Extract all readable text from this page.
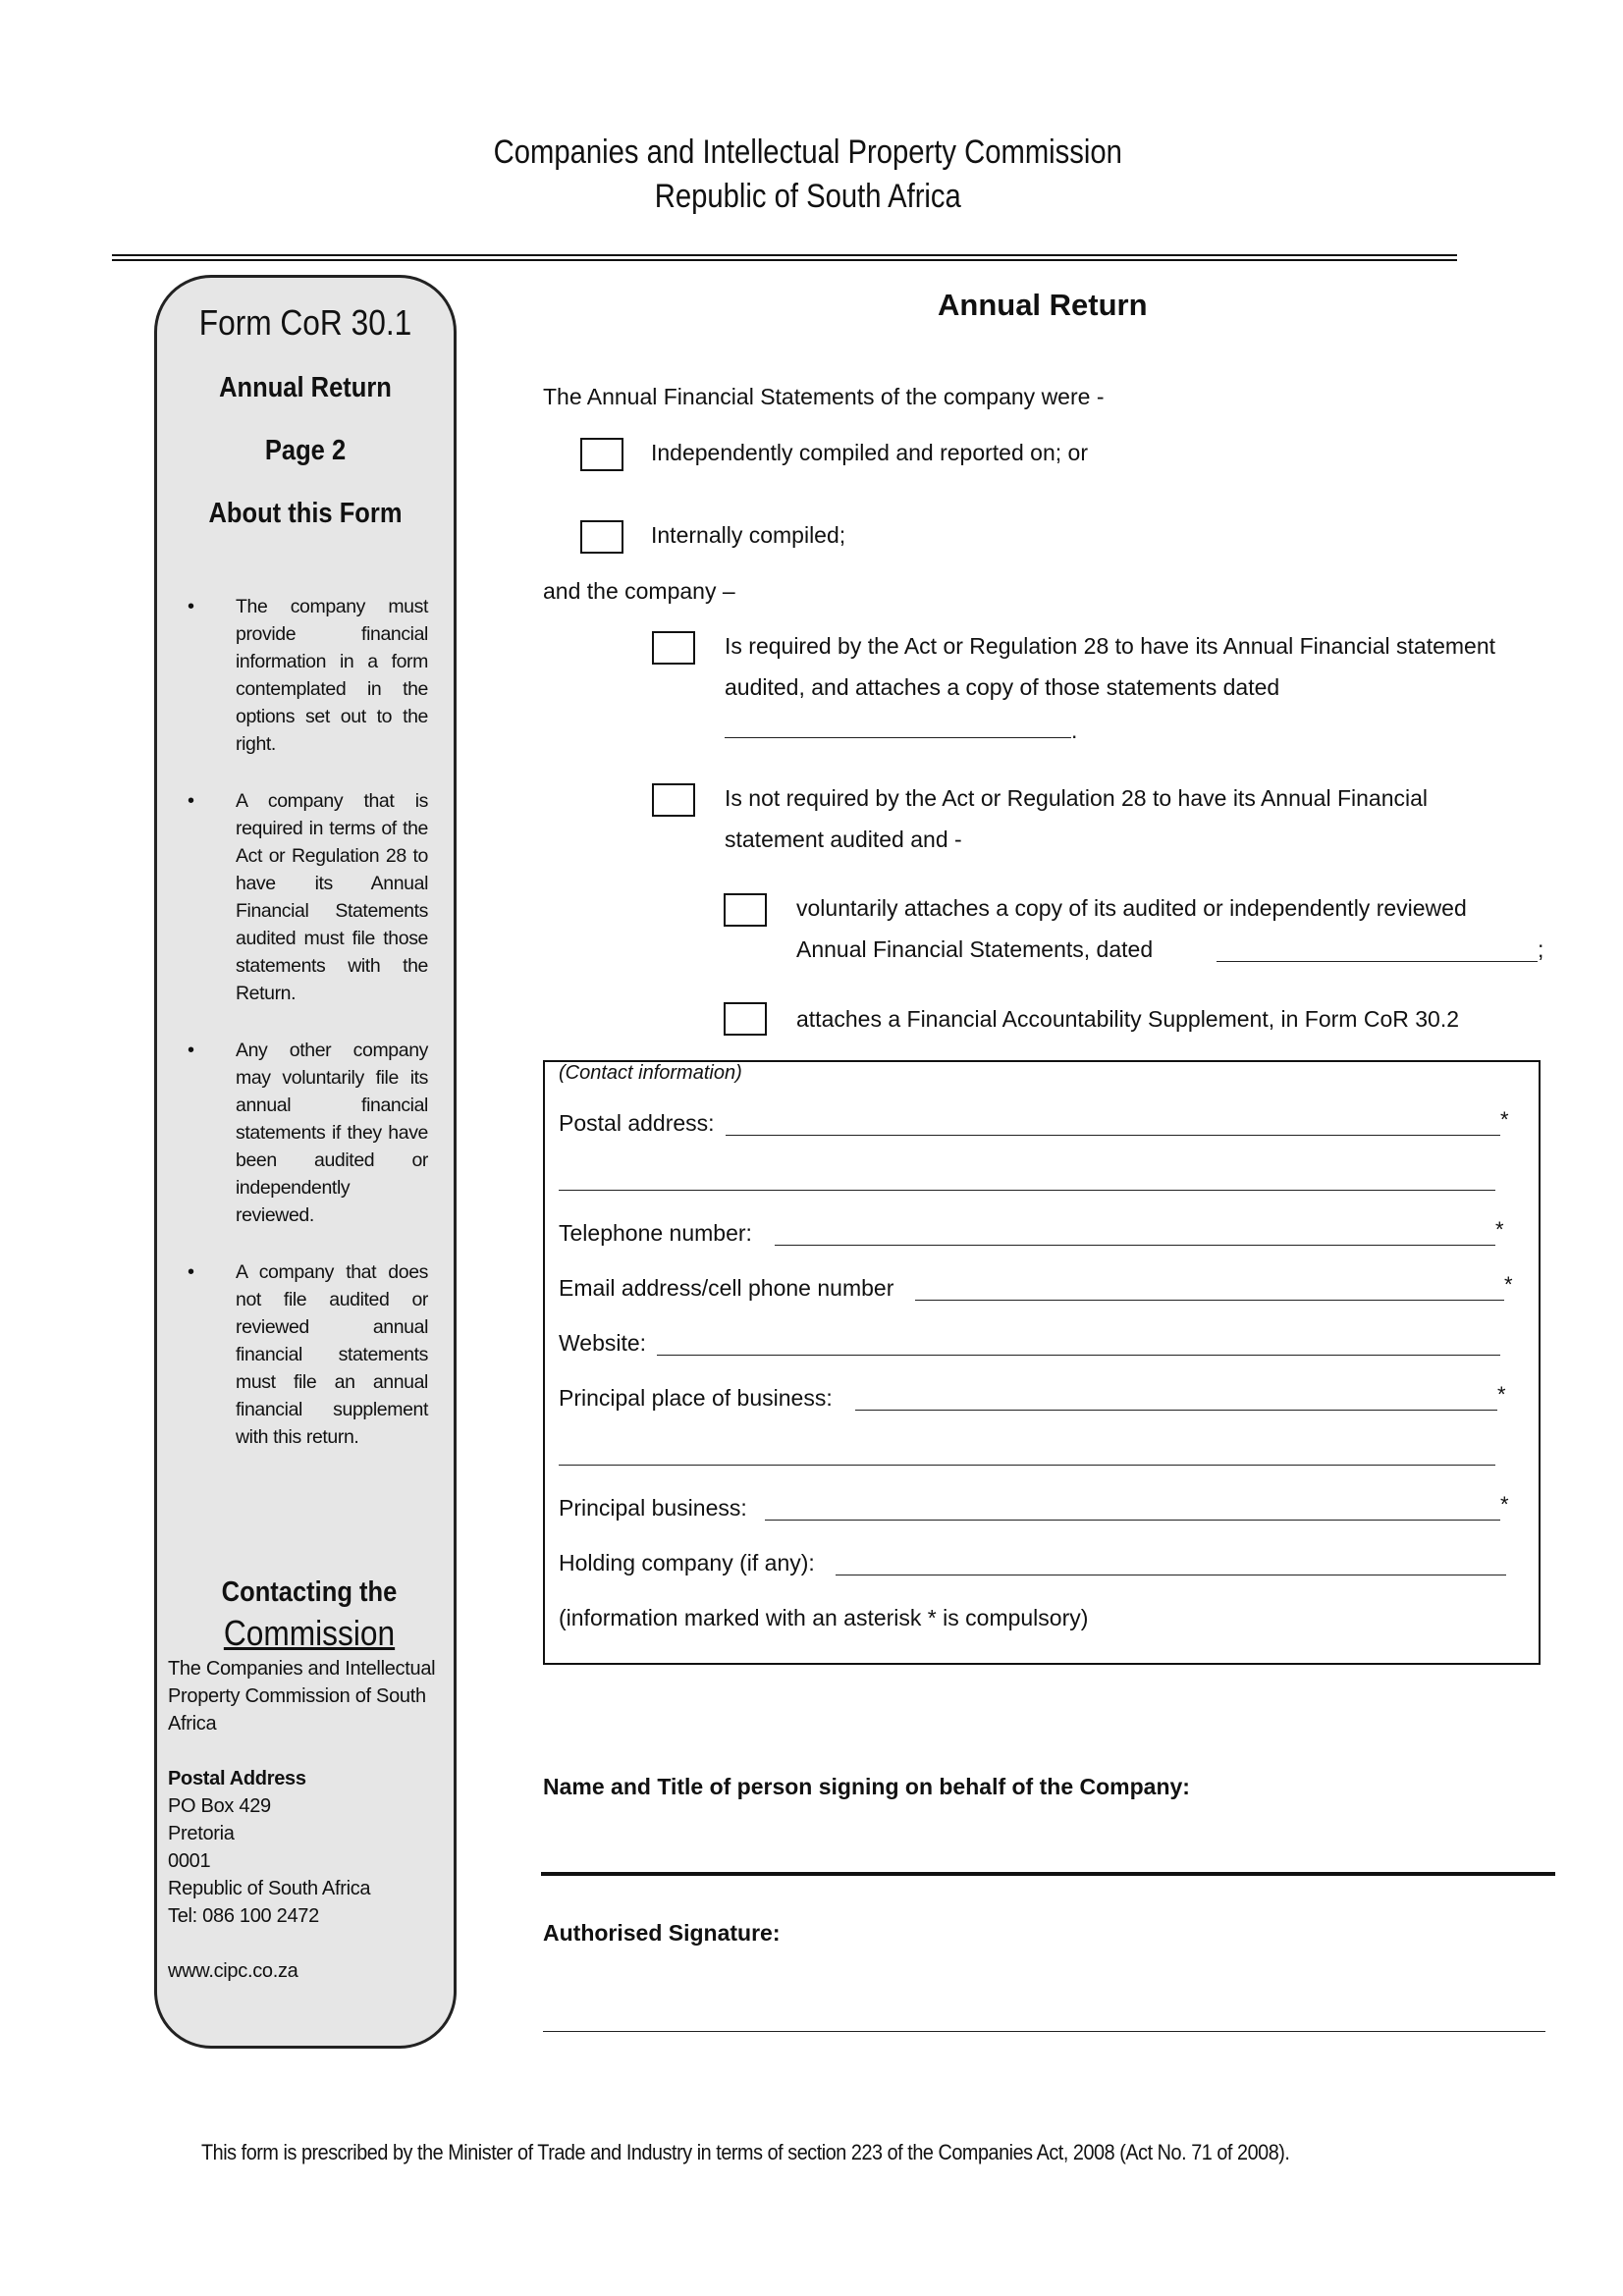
Companies and Intellectual Property Commission
Republic of South Africa
Form CoR 30.1
Annual Return
Page 2
About this Form
• The company must provide financial information in a form contemplated in the options set out to the right.
• A company that is required in terms of the Act or Regulation 28 to have its Annual Financial Statements audited must file those statements with the Return.
• Any other company may voluntarily file its annual financial statements if they have been audited or independently reviewed.
• A company that does not file audited or reviewed annual financial statements must file an annual financial supplement with this return.
Contacting the
Commission
The Companies and Intellectual Property Commission of South Africa
Postal Address
PO Box 429
Pretoria
0001
Republic of South Africa
Tel: 086 100 2472
www.cipc.co.za
Annual Return
The Annual Financial Statements of the company were -
Independently compiled and reported on; or
Internally compiled;
and the company –
Is required by the Act or Regulation 28 to have its Annual Financial statement
audited, and attaches a copy of those statements dated
.
Is not required by the Act or Regulation 28 to have its Annual Financial
statement audited and -
voluntarily attaches a copy of its audited or independently reviewed
Annual Financial Statements, dated	;
attaches a Financial Accountability Supplement, in Form CoR 30.2
(Contact information)
Postal address:	*
Telephone number:	*
Email address/cell phone number	*
Website:
Principal place of business:	*
Principal business:	*
Holding company (if any):
(information marked with an asterisk * is compulsory)
Name and Title of person signing on behalf of the Company:
Authorised Signature:
This form is prescribed by the Minister of Trade and Industry in terms of section 223 of the Companies Act, 2008 (Act No. 71 of 2008).
